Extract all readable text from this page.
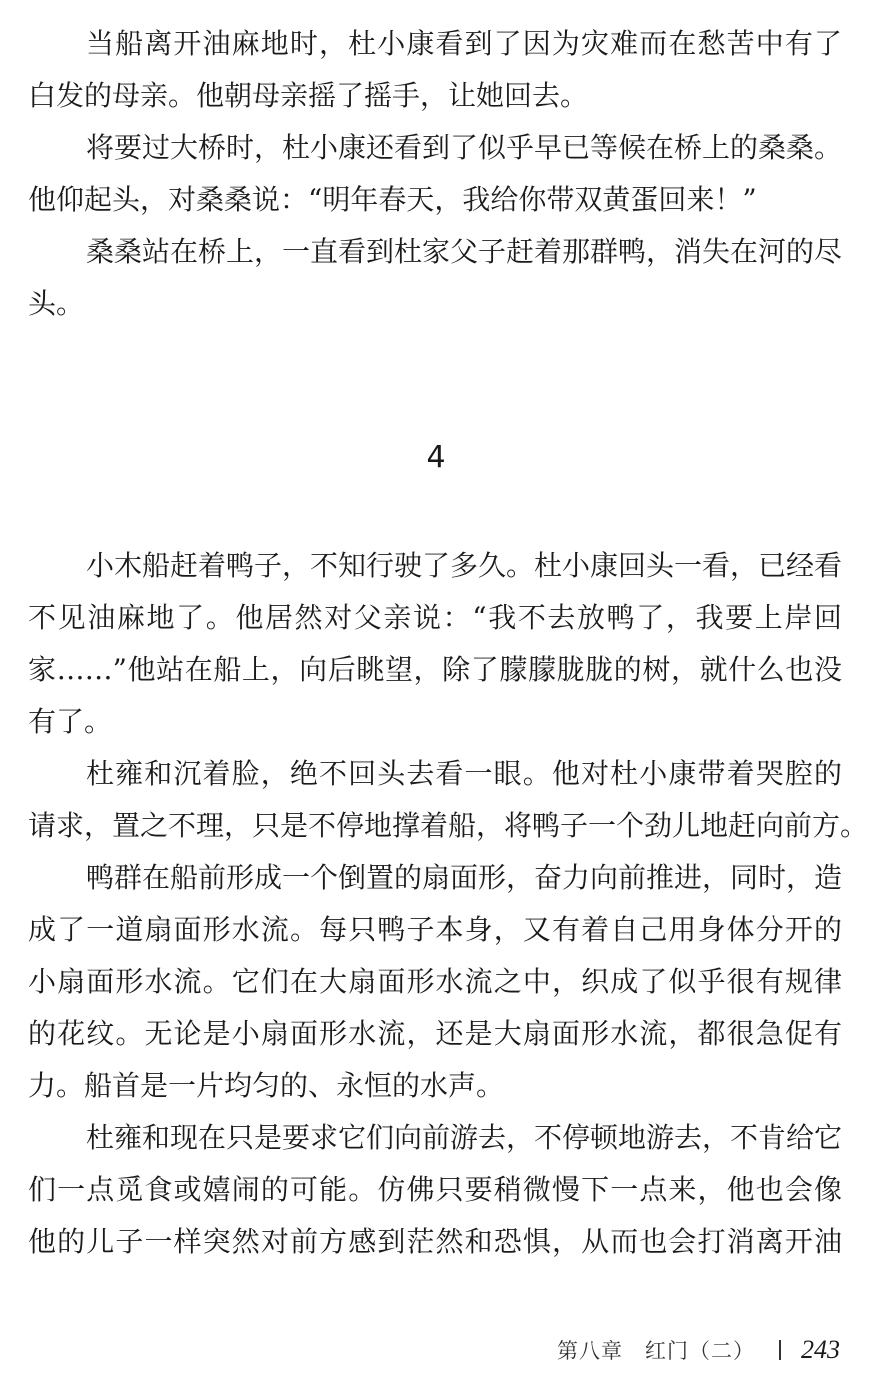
当船离开油麻地时，杜小康看到了因为灾难而在愁苦中有了
白发的母亲。他朝母亲摇了摇手，让她回去。
将要过大桥时，杜小康还看到了似乎早已等候在桥上的桑桑。
他仰起头，对桑桑说：“明年春天，我给你带双黄蛋回来！”
桑桑站在桥上，一直看到杜家父子赶着那群鸭，消失在河的尽
头。
小木船赶着鸭子，不知行驶了多久。杜小康回头一看，已经看
不见油麻地了。他居然对父亲说：“我不去放鸭了，我要上岸回
家……”他站在船上，向后眺望，除了朦朦胧胧的树，就什么也没
有了。
杜雍和沉着脸，绝不回头去看一眼。他对杜小康带着哭腔的
请求，置之不理，只是不停地撑着船，将鸭子一个劲儿地赶向前方。
鸭群在船前形成一个倒置的扇面形，奋力向前推进，同时，造
成了一道扇面形水流。每只鸭子本身，又有着自己用身体分开的
小扇面形水流。它们在大扇面形水流之中，织成了似乎很有规律
的花纹。无论是小扇面形水流，还是大扇面形水流，都很急促有
力。船首是一片均匀的、永恒的水声。
杜雍和现在只是要求它们向前游去，不停顿地游去，不肯给它
们一点觅食或嬉闹的可能。仿佛只要稍微慢下一点来，他也会像
他的儿子一样突然对前方感到茫然和恐惧，从而也会打消离开油
4
第八章　红门（二） 243
